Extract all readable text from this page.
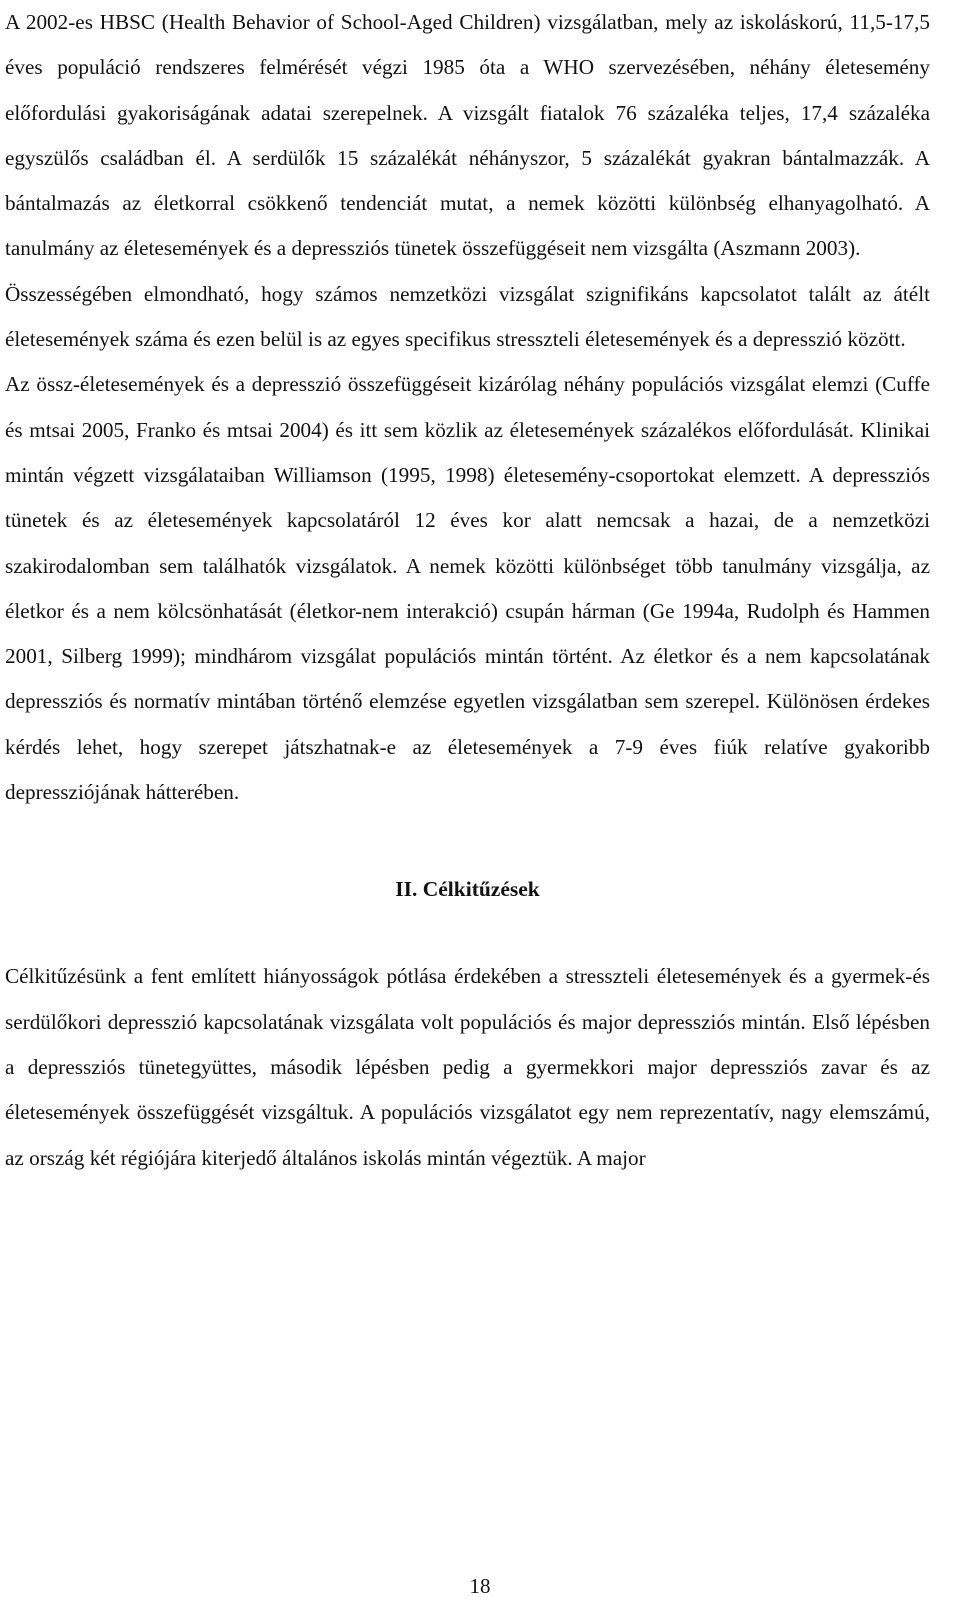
A 2002-es HBSC (Health Behavior of School-Aged Children) vizsgálatban, mely az iskoláskorú, 11,5-17,5 éves populáció rendszeres felmérését végzi 1985 óta a WHO szervezésében, néhány életesemény előfordulási gyakoriságának adatai szerepelnek. A vizsgált fiatalok 76 százaléka teljes, 17,4 százaléka egyszülős családban él. A serdülők 15 százalékát néhányszor, 5 százalékát gyakran bántalmazzák. A bántalmazás az életkorral csökkenő tendenciát mutat, a nemek közötti különbség elhanyagolható. A tanulmány az életesemények és a depressziós tünetek összefüggéseit nem vizsgálta (Aszmann 2003).

Összességében elmondható, hogy számos nemzetközi vizsgálat szignifikáns kapcsolatot talált az átélt életesemények száma és ezen belül is az egyes specifikus stresszteli életesemények és a depresszió között.

Az össz-életesemények és a depresszió összefüggéseit kizárólag néhány populációs vizsgálat elemzi (Cuffe és mtsai 2005, Franko és mtsai 2004) és itt sem közlik az életesemények százalékos előfordulását. Klinikai mintán végzett vizsgálataiban Williamson (1995, 1998) életesemény-csoportokat elemzett. A depressziós tünetek és az életesemények kapcsolatáról 12 éves kor alatt nemcsak a hazai, de a nemzetközi szakirodalomban sem találhatók vizsgálatok. A nemek közötti különbséget több tanulmány vizsgálja, az életkor és a nem kölcsönhatását (életkor-nem interakció) csupán hárman (Ge 1994a, Rudolph és Hammen 2001, Silberg 1999); mindhárom vizsgálat populációs mintán történt. Az életkor és a nem kapcsolatának depressziós és normatív mintában történő elemzése egyetlen vizsgálatban sem szerepel. Különösen érdekes kérdés lehet, hogy szerepet játszhatnak-e az életesemények a 7-9 éves fiúk relatíve gyakoribb depressziójának hátterében.

II. Célkitűzések

Célkitűzésünk a fent említett hiányosságok pótlása érdekében a stresszteli életesemények és a gyermek-és serdülőkori depresszió kapcsolatának vizsgálata volt populációs és major depressziós mintán. Első lépésben a depressziós tünetegyüttes, második lépésben pedig a gyermekkori major depressziós zavar és az életesemények összefüggését vizsgáltuk. A populációs vizsgálatot egy nem reprezentatív, nagy elemszámú, az ország két régiójára kiterjedő általános iskolás mintán végeztük. A major

18
